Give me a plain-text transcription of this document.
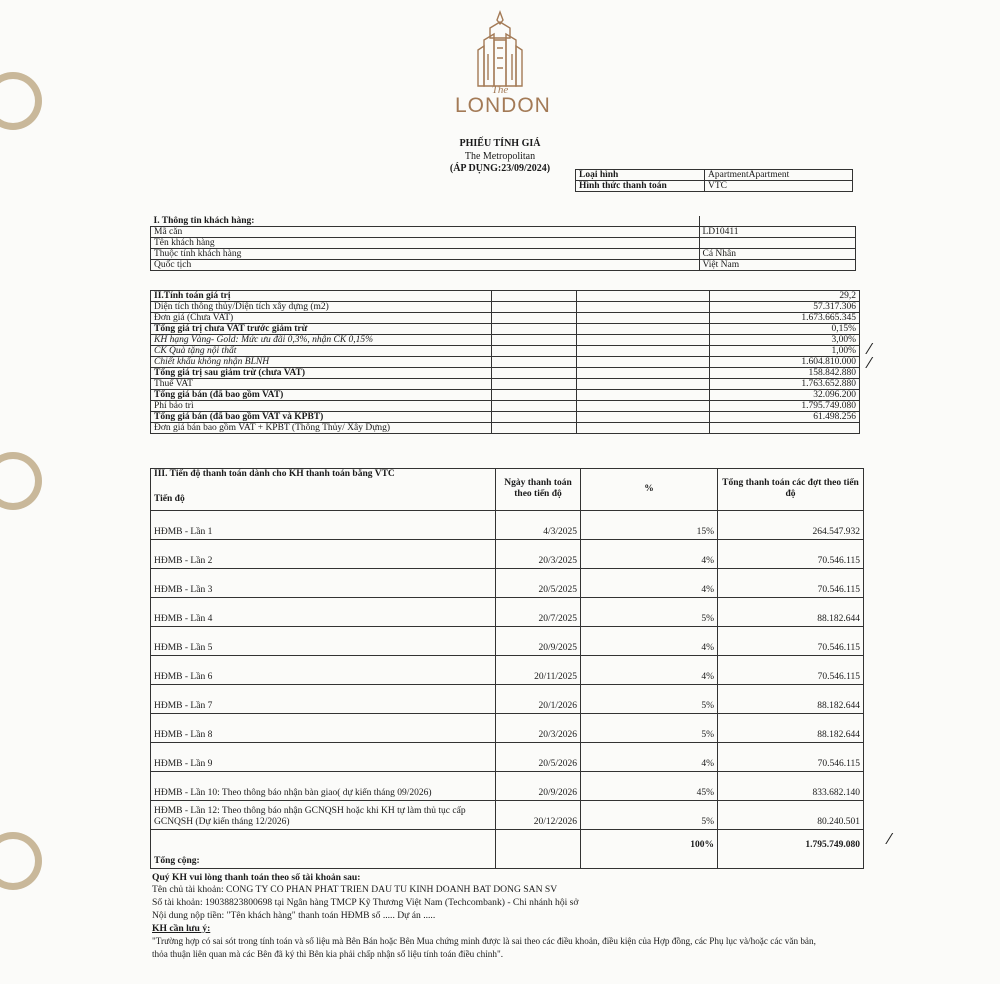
The
LONDON
PHIẾU TÍNH GIÁ
The Metropolitan
(ÁP DỤNG:23/09/2024)
Loại hình	ApartmentApartment
Hình thức thanh toán	VTC
I. Thông tin khách hàng:	
Mã căn	LD10411
Tên khách hàng	
Thuộc tính khách hàng	Cá Nhân
Quốc tịch	Việt Nam
II.Tính toán giá trị			29,2
Diện tích thông thủy/Diện tích xây dựng (m2)			57.317.306
Đơn giá (Chưa VAT)			1.673.665.345
Tổng giá trị chưa VAT trước giảm trừ			0,15%
KH hạng Vàng- Gold: Mức ưu đãi 0,3%, nhận CK 0,15%			3,00%
CK Quà tặng nội thất			1,00%
Chiết khấu không nhận BLNH			1.604.810.000
Tổng giá trị sau giảm trừ (chưa VAT)			158.842.880
Thuế VAT			1.763.652.880
Tổng giá bán (đã bao gồm VAT)			32.096.200
Phí bảo trì			1.795.749.080
Tổng giá bán (đã bao gồm VAT và KPBT)			61.498.256
Đơn giá bán bao gồm VAT + KPBT (Thông Thủy/ Xây Dựng)			
III. Tiến độ thanh toán dành cho KH thanh toán bằng VTC
Tiến độ	Ngày thanh toán theo tiến độ	%	Tổng thanh toán các đợt theo tiến độ
HĐMB - Lần 1	4/3/2025	15%	264.547.932
HĐMB - Lần 2	20/3/2025	4%	70.546.115
HĐMB - Lần 3	20/5/2025	4%	70.546.115
HĐMB - Lần 4	20/7/2025	5%	88.182.644
HĐMB - Lần 5	20/9/2025	4%	70.546.115
HĐMB - Lần 6	20/11/2025	4%	70.546.115
HĐMB - Lần 7	20/1/2026	5%	88.182.644
HĐMB - Lần 8	20/3/2026	5%	88.182.644
HĐMB - Lần 9	20/5/2026	4%	70.546.115
HĐMB - Lần 10: Theo thông báo nhận bàn giao( dự kiến tháng 09/2026)	20/9/2026	45%	833.682.140
HĐMB - Lần 12: Theo thông báo nhận GCNQSH hoặc khi KH tự làm thủ tục cấp GCNQSH (Dự kiến tháng 12/2026)	20/12/2026	5%	80.240.501
Tổng cộng:		100%	1.795.749.080
⁄
⁄
⁄
Quý KH vui lòng thanh toán theo số tài khoản sau:
Tên chủ tài khoản: CONG TY CO PHAN PHAT TRIEN DAU TU KINH DOANH BAT DONG SAN SV
Số tài khoản: 19038823800698 tại Ngân hàng TMCP Kỹ Thương Việt Nam (Techcombank) - Chi nhánh hội sở
Nội dung nộp tiền: "Tên khách hàng" thanh toán HĐMB số ..... Dự án .....
KH cần lưu ý:
"Trường hợp có sai sót trong tính toán và số liệu mà Bên Bán hoặc Bên Mua chứng minh được là sai theo các điều khoản, điều kiện của Hợp đồng, các Phụ lục và/hoặc các văn bản,
thỏa thuận liên quan mà các Bên đã ký thì Bên kia phải chấp nhận số liệu tính toán điều chỉnh".
